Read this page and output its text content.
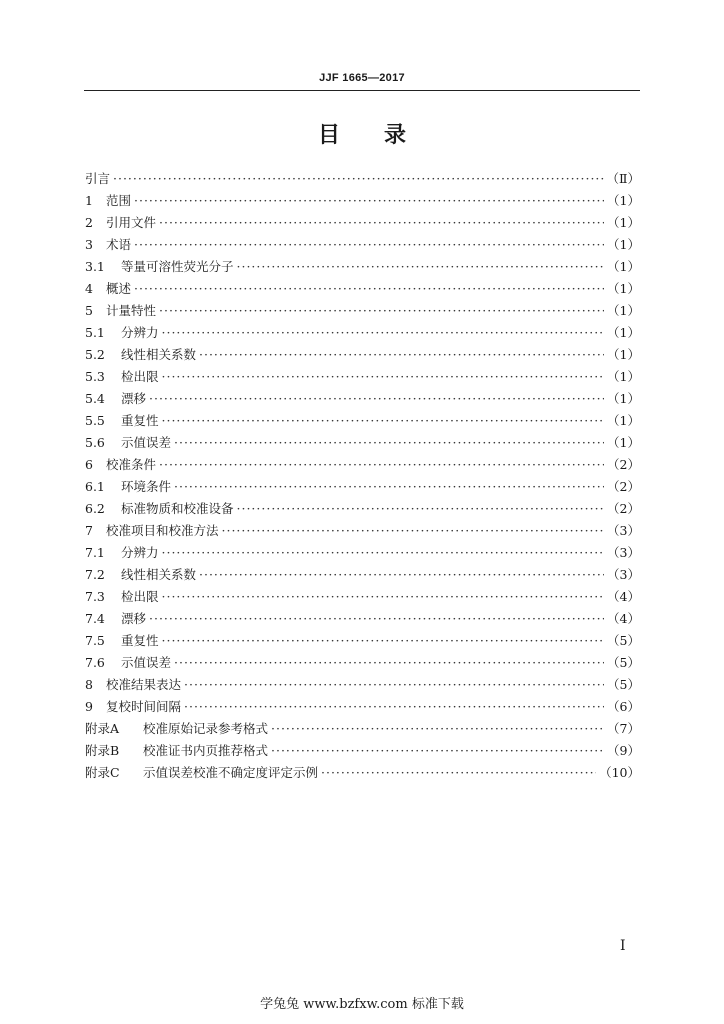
JJF 1665—2017
目录
引言 ·····	（Ⅱ）
1 范围 ·····	（1）
2 引用文件 ·····	（1）
3 术语 ·····	（1）
3.1 等量可溶性荧光分子 ·····	（1）
4 概述 ·····	（1）
5 计量特性 ·····	（1）
5.1 分辨力 ·····	（1）
5.2 线性相关系数 ·····	（1）
5.3 检出限 ·····	（1）
5.4 漂移 ·····	（1）
5.5 重复性 ·····	（1）
5.6 示值误差 ·····	（1）
6 校准条件 ·····	（2）
6.1 环境条件 ·····	（2）
6.2 标准物质和校准设备 ·····	（2）
7 校准项目和校准方法 ·····	（3）
7.1 分辨力 ·····	（3）
7.2 线性相关系数 ·····	（3）
7.3 检出限 ·····	（4）
7.4 漂移 ·····	（4）
7.5 重复性 ·····	（5）
7.6 示值误差 ·····	（5）
8 校准结果表达 ·····	（5）
9 复校时间间隔 ·····	（6）
附录A 校准原始记录参考格式 ·····	（7）
附录B 校准证书内页推荐格式 ·····	（9）
附录C 示值误差校准不确定度评定示例 ·····	（10）
I
学兔兔 www.bzfxw.com 标准下载
